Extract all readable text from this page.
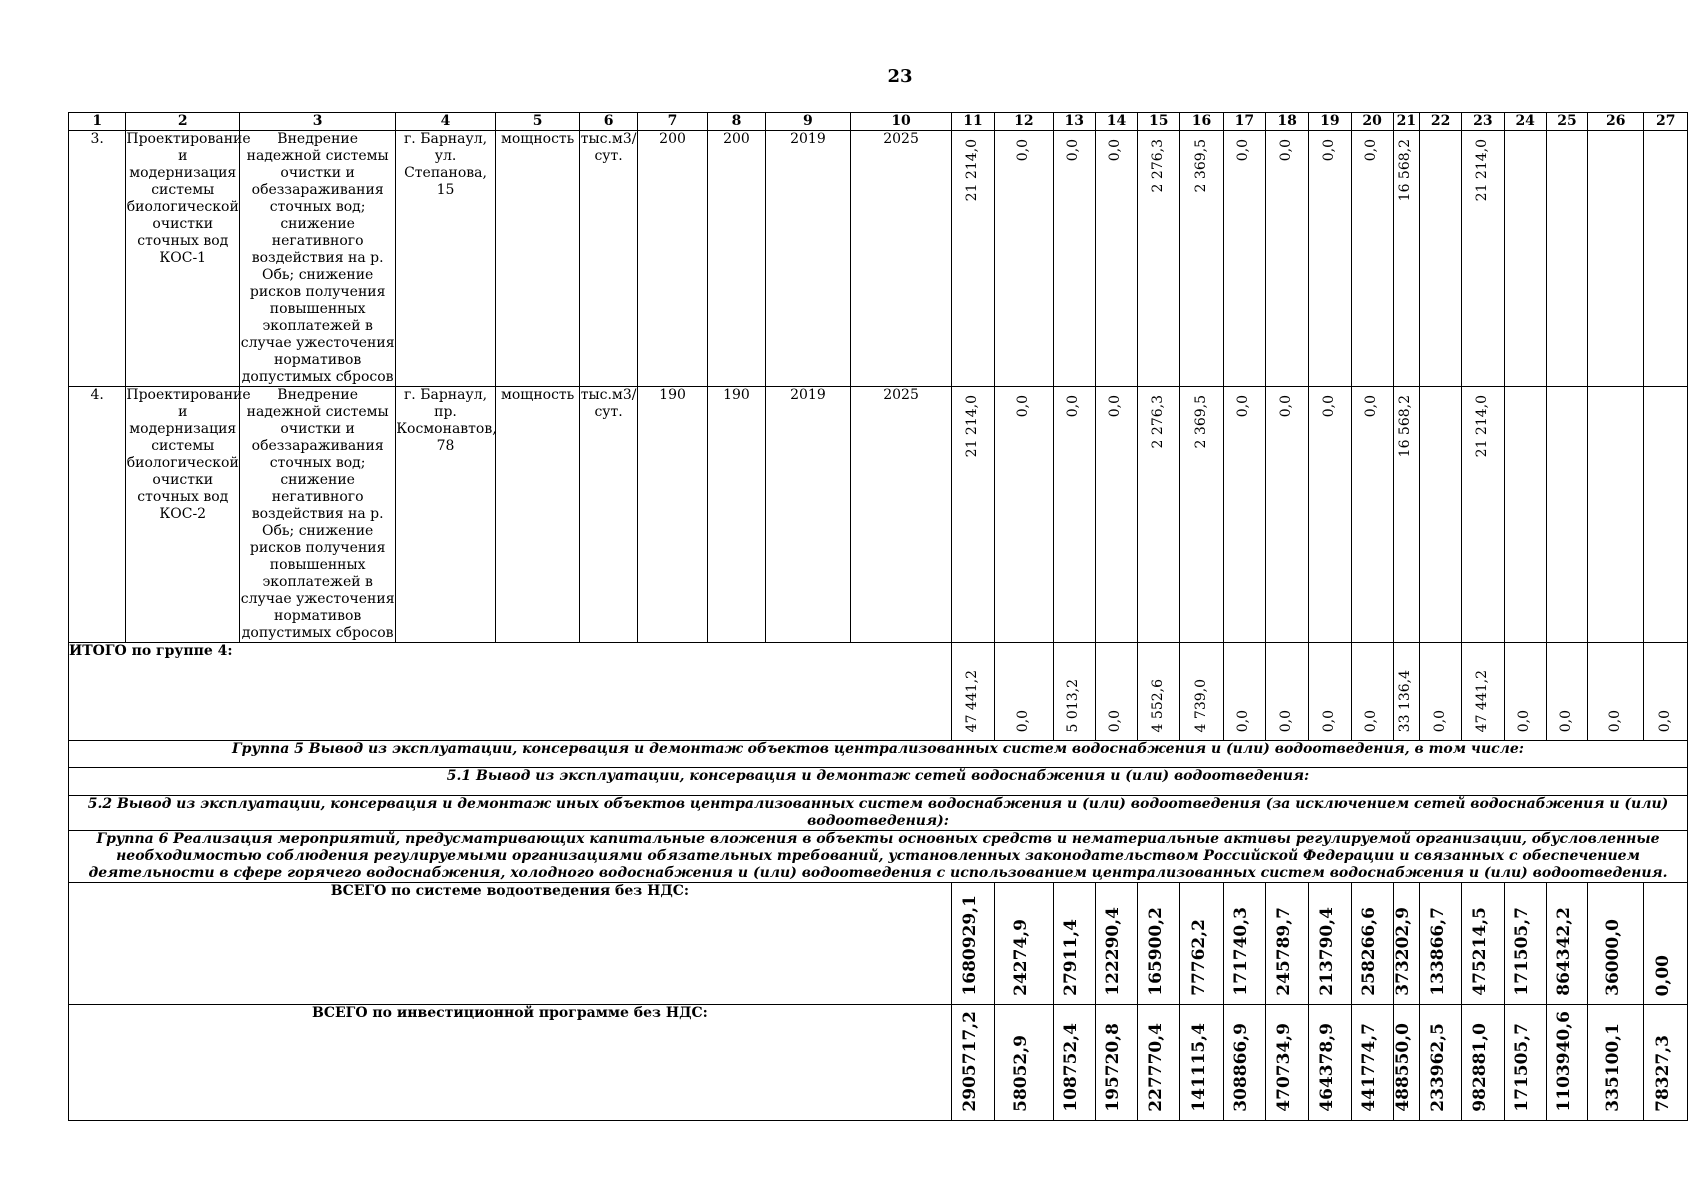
23
1	2	3	4	5	6	7	8	9	10	11	12	13	14	15	16	17	18	19	20	21	22	23	24	25	26	27
3.	Проектирование и модернизация системы биологической очистки сточных вод КОС-1	Внедрение надежной системы очистки и обеззараживания сточных вод; снижение негативного воздействия на р. Обь; снижение рисков получения повышенных экоплатежей в случае ужесточения нормативов допустимых сбросов	г. Барнаул, ул. Степанова, 15	мощность	тыс.м3/сут.	200	200	2019	2025	21 214,0	0,0	0,0	0,0	2 276,3	2 369,5	0,0	0,0	0,0	0,0	16 568,2		21 214,0				

4.	Проектирование и модернизация системы биологической очистки сточных вод КОС-2	Внедрение надежной системы очистки и обеззараживания сточных вод; снижение негативного воздействия на р. Обь; снижение рисков получения повышенных экоплатежей в случае ужесточения нормативов допустимых сбросов	г. Барнаул, пр. Космонавтов, 78	мощность	тыс.м3/сут.	190	190	2019	2025	21 214,0	0,0	0,0	0,0	2 276,3	2 369,5	0,0	0,0	0,0	0,0	16 568,2		21 214,0				

ИТОГО по группе 4:										47 441,2	0,0	5 013,2	0,0	4 552,6	4 739,0	0,0	0,0	0,0	0,0	33 136,4	0,0	47 441,2	0,0	0,0	0,0	0,0

Группа 5 Вывод из эксплуатации, консервация и демонтаж объектов централизованных систем водоснабжения и (или) водоотведения, в том числе:																										
5.1 Вывод из эксплуатации, консервация и демонтаж сетей водоснабжения и (или) водоотведения:																										
5.2 Вывод из эксплуатации, консервация и демонтаж иных объектов централизованных систем водоснабжения и (или) водоотведения (за исключением сетей водоснабжения и (или) водоотведения):																										
Группа 6 Реализация мероприятий, предусматривающих капитальные вложения в объекты основных средств и нематериальные активы регулируемой организации, обусловленные необходимостью соблюдения регулируемыми организациями обязательных требований, установленных законодательством Российской Федерации и связанных с обеспечением деятельности в сфере горячего водоснабжения, холодного водоснабжения и (или) водоотведения с использованием централизованных систем водоснабжения и (или) водоотведения.																										
ВСЕГО по системе водоотведения без НДС:										1680929,1	24274,9	27911,4	122290,4	165900,2	77762,2	171740,3	245789,7	213790,4	258266,6	373202,9	133866,7	475214,5	171505,7	864342,2	36000,0	0,00

ВСЕГО по инвестиционной программе без НДС:										2905717,2	58052,9	108752,4	195720,8	227770,4	141115,4	308866,9	470734,9	464378,9	441774,7	488550,0	233962,5	982881,0	171505,7	1103940,6	335100,1	78327,3
